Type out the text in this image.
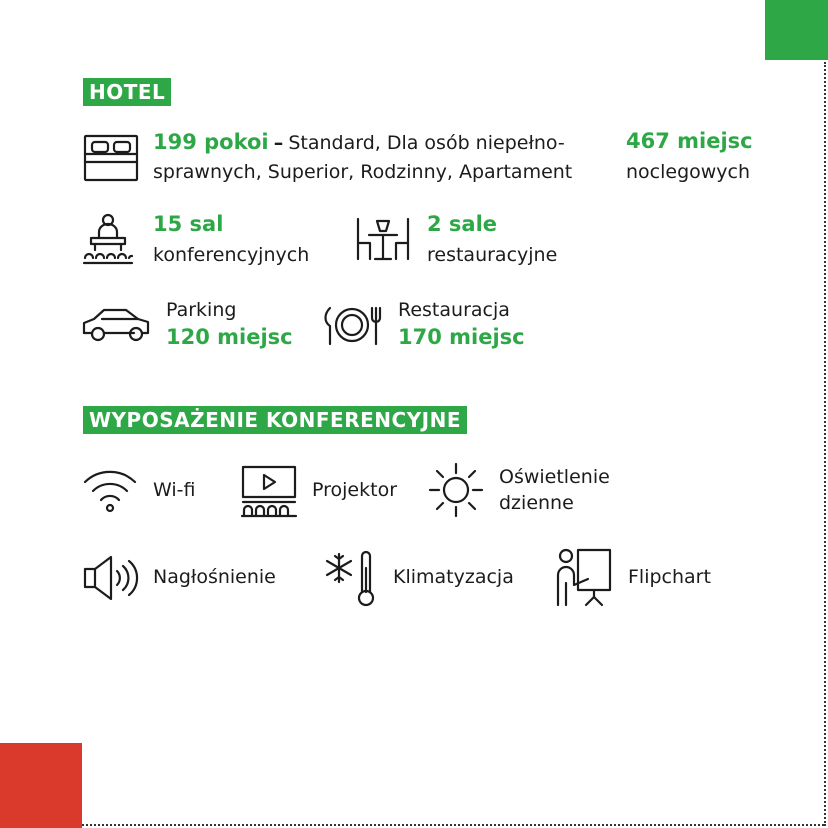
HOTEL
199 pokoi – Standard, Dla osób niepełno-
sprawnych, Superior, Rodzinny, Apartament
467 miejsc
noclegowych
15 sal
konferencyjnych
2 sale
restauracyjne
Parking
120 miejsc
Restauracja
170 miejsc
WYPOSAŻENIE KONFERENCYJNE
Wi-fi	Projektor
Oświetlenie
dzienne
Nagłośnienie	Klimatyzacja	Flipchart
